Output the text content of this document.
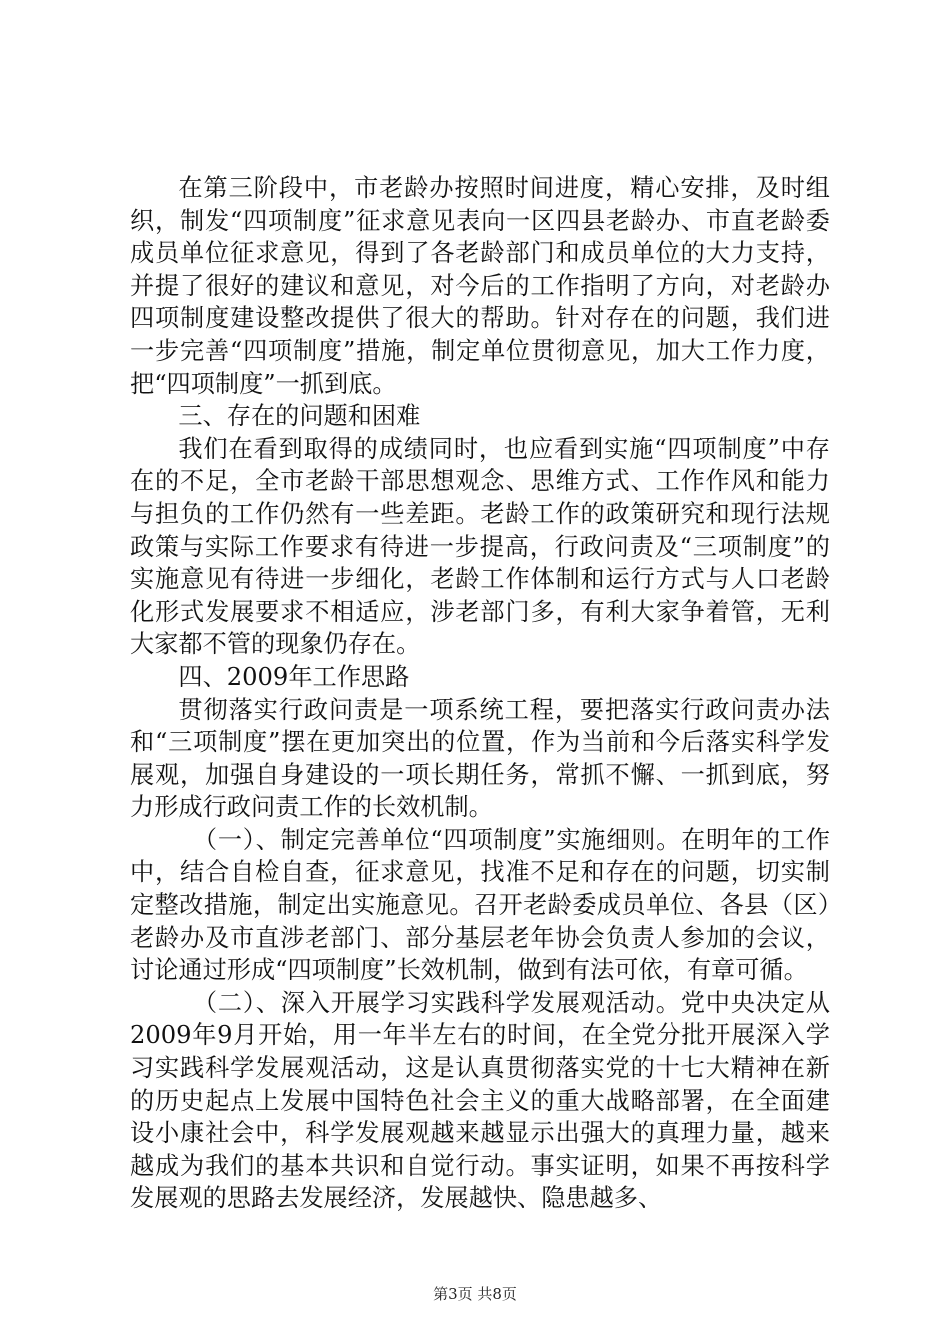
在第三阶段中，市老龄办按照时间进度，精心安排，及时组织，制发“四项制度”征求意见表向一区四县老龄办、市直老龄委成员单位征求意见，得到了各老龄部门和成员单位的大力支持，并提了很好的建议和意见，对今后的工作指明了方向，对老龄办四项制度建设整改提供了很大的帮助。针对存在的问题，我们进一步完善“四项制度”措施，制定单位贯彻意见，加大工作力度，把“四项制度”一抓到底。

三、存在的问题和困难

我们在看到取得的成绩同时，也应看到实施“四项制度”中存在的不足，全市老龄干部思想观念、思维方式、工作作风和能力与担负的工作仍然有一些差距。老龄工作的政策研究和现行法规政策与实际工作要求有待进一步提高，行政问责及“三项制度”的实施意见有待进一步细化，老龄工作体制和运行方式与人口老龄化形式发展要求不相适应，涉老部门多，有利大家争着管，无利大家都不管的现象仍存在。

四、2009年工作思路

贯彻落实行政问责是一项系统工程，要把落实行政问责办法和“三项制度”摆在更加突出的位置，作为当前和今后落实科学发展观，加强自身建设的一项长期任务，常抓不懈、一抓到底，努力形成行政问责工作的长效机制。

（一）、制定完善单位“四项制度”实施细则。在明年的工作中，结合自检自查，征求意见，找准不足和存在的问题，切实制定整改措施，制定出实施意见。召开老龄委成员单位、各县（区）老龄办及市直涉老部门、部分基层老年协会负责人参加的会议，讨论通过形成“四项制度”长效机制，做到有法可依，有章可循。

（二）、深入开展学习实践科学发展观活动。党中央决定从2009年9月开始，用一年半左右的时间，在全党分批开展深入学习实践科学发展观活动，这是认真贯彻落实党的十七大精神在新的历史起点上发展中国特色社会主义的重大战略部署，在全面建设小康社会中，科学发展观越来越显示出强大的真理力量，越来越成为我们的基本共识和自觉行动。事实证明，如果不再按科学发展观的思路去发展经济，发展越快、隐患越多、

第3页 共8页
